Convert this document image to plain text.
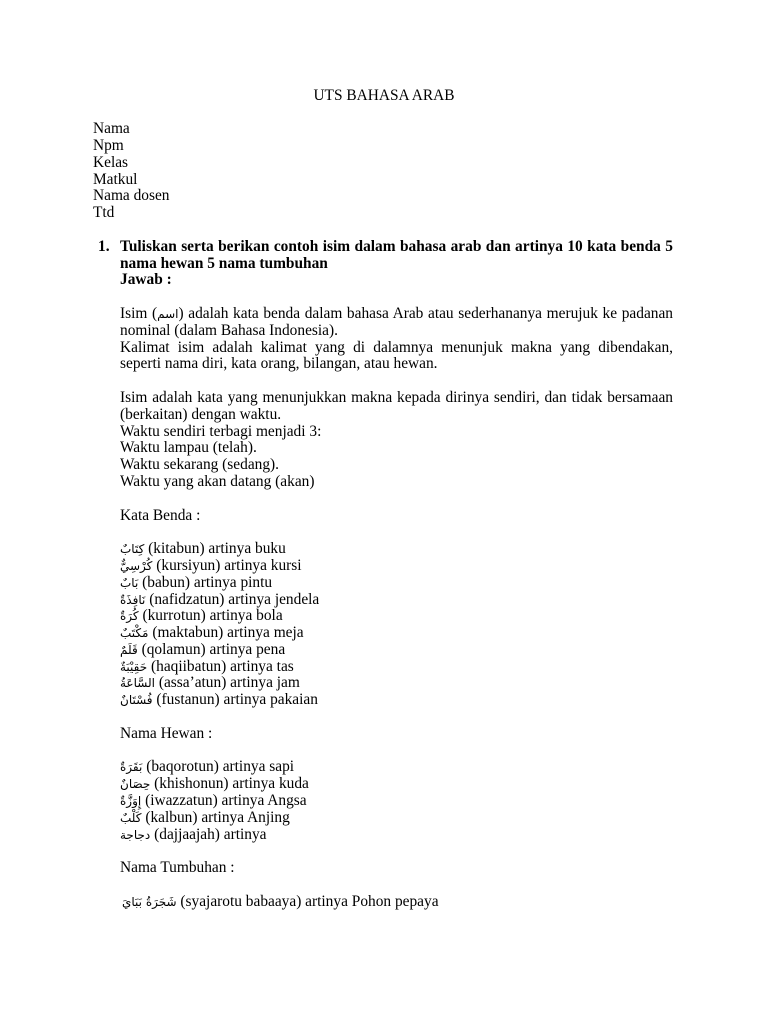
UTS BAHASA ARAB
Nama
Npm
Kelas
Matkul
Nama dosen
Ttd
1. Tuliskan serta berikan contoh isim dalam bahasa arab dan artinya 10 kata benda 5 nama hewan 5 nama tumbuhan

Jawab :

Isim (اسم) adalah kata benda dalam bahasa Arab atau sederhananya merujuk ke padanan nominal (dalam Bahasa Indonesia).

Kalimat isim adalah kalimat yang di dalamnya menunjuk makna yang dibendakan, seperti nama diri, kata orang, bilangan, atau hewan.

Isim adalah kata yang menunjukkan makna kepada dirinya sendiri, dan tidak bersamaan (berkaitan) dengan waktu.

Waktu sendiri terbagi menjadi 3:
Waktu lampau (telah).
Waktu sekarang (sedang).
Waktu yang akan datang (akan)
Kata Benda :
كِتَابٌ (kitabun) artinya buku
كُرْسِيٌّ (kursiyun) artinya kursi
بَابٌ (babun) artinya pintu
نَافِذَةٌ (nafidzatun) artinya jendela
كُرَةٌ (kurrotun) artinya bola
مَكْتَبٌ (maktabun) artinya meja
قَلَمٌ (qolamun) artinya pena
حَقِيْبَةٌ (haqiibatun) artinya tas
السَّاعَةُ (assa’atun) artinya jam
فُسْتَانٌ (fustanun) artinya pakaian
Nama Hewan :
بَقَرَةٌ (baqorotun) artinya sapi
حِصَانٌ (khishonun) artinya kuda
إِوَزَّةٌ (iwazzatun) artinya Angsa
كَلْبٌ (kalbun) artinya Anjing
دجاجة (dajjaajah) artinya
Nama Tumbuhan :
شَجَرَةُ بَبَايَ (syajarotu babaaya) artinya Pohon pepaya
